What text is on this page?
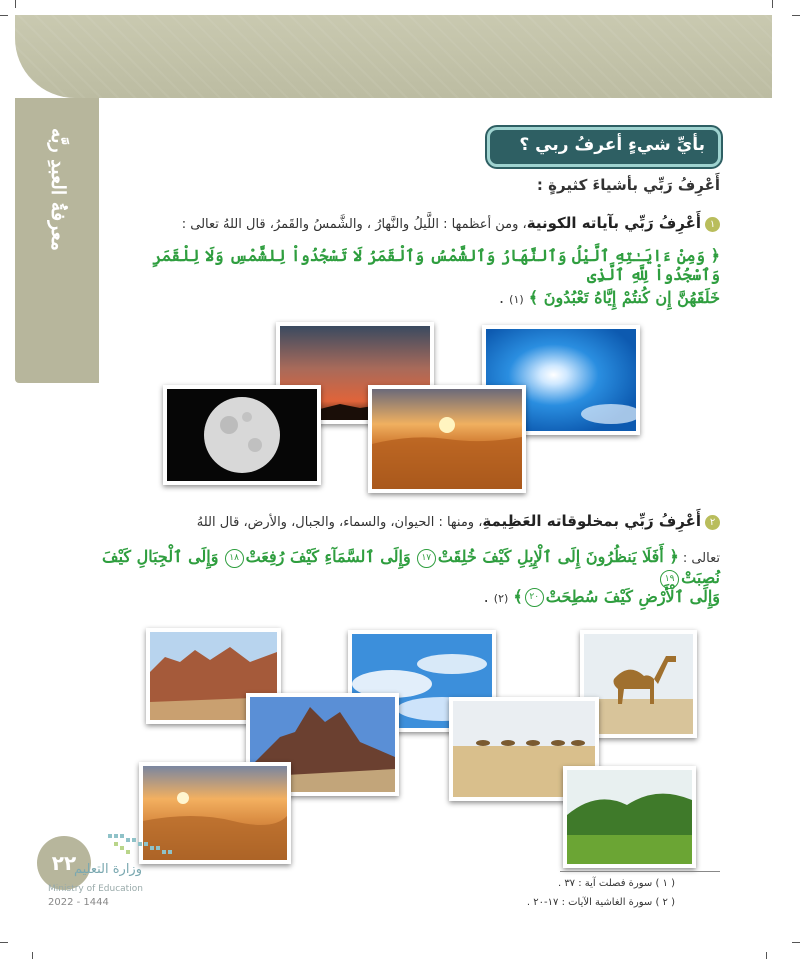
معرفةُ العبدِ ربَّه	بأيِّ شيءٍ أعرفُ ربي ؟
أَعْرِفُ رَبِّي بأشياءَ كثيرةٍ :
١أَعْرِفُ رَبِّي بآياته الكونية، ومن أعظمها : اللَّيلُ والنَّهارُ ، والشَّمسُ والقَمرُ، قال اللهُ تعالى :
﴿ وَمِنْ ءَايَـٰتِهِ ٱلَّيْلُ وَٱلنَّهَارُ وَٱلشَّمْسُ وَٱلْقَمَرُ لَا تَسْجُدُواْ لِلشَّمْسِ وَلَا لِلْقَمَرِ وَٱسْجُدُواْ لِلَّهِ ٱلَّذِى
خَلَقَهُنَّ إِن كُنتُمْ إِيَّاهُ تَعْبُدُونَ ﴾ (١) .
٢أَعْرِفُ رَبِّي بمخلوقاته العَظِيمةِ، ومنها : الحيوان، والسماء، والجبال، والأرض، قال اللهُ
تعالى : ﴿ أَفَلَا يَنظُرُونَ إِلَى ٱلْإِبِلِ كَيْفَ خُلِقَتْ١٧ وَإِلَى ٱلسَّمَآءِ كَيْفَ رُفِعَتْ١٨ وَإِلَى ٱلْجِبَالِ كَيْفَ نُصِبَتْ١٩
وَإِلَى ٱلْأَرْضِ كَيْفَ سُطِحَتْ٢٠﴾ (٢) .
٢٢
وزارة التعليم
Ministry of Education
2022 - 1444
( ١ ) سورة فصلت آية : ٣٧ .
( ٢ ) سورة الغاشية الآيات : ١٧-٢٠ .
